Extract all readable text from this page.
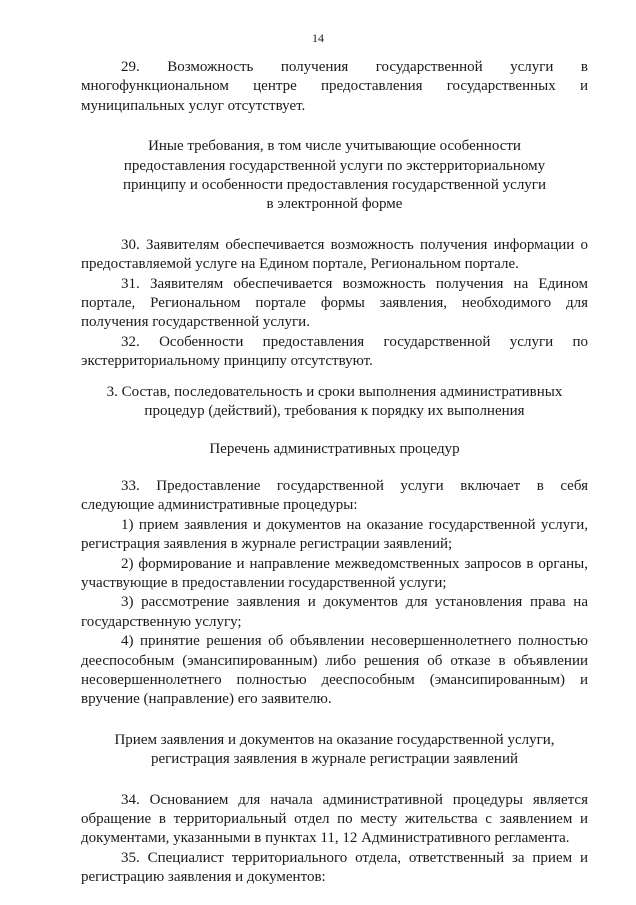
14

29. Возможность получения государственной услуги в многофункциональном центре предоставления государственных и муниципальных услуг отсутствует.

Иные требования, в том числе учитывающие особенности
предоставления государственной услуги по экстерриториальному
принципу и особенности предоставления государственной услуги
в электронной форме

30. Заявителям обеспечивается возможность получения информации о предоставляемой услуге на Едином портале, Региональном портале.

31. Заявителям обеспечивается возможность получения на Едином портале, Региональном портале формы заявления, необходимого для получения государственной услуги.

32. Особенности предоставления государственной услуги по экстерриториальному принципу отсутствуют.

3. Состав, последовательность и сроки выполнения административных
процедур (действий), требования к порядку их выполнения
Перечень административных процедур

33. Предоставление государственной услуги включает в себя следующие административные процедуры:

1) прием заявления и документов на оказание государственной услуги, регистрация заявления в журнале регистрации заявлений;

2) формирование и направление межведомственных запросов в органы, участвующие в предоставлении государственной услуги;

3) рассмотрение заявления и документов для установления права на государственную услугу;

4) принятие решения об объявлении несовершеннолетнего полностью дееспособным (эмансипированным) либо решения об отказе в объявлении несовершеннолетнего полностью дееспособным (эмансипированным) и вручение (направление) его заявителю.

Прием заявления и документов на оказание государственной услуги,
регистрация заявления в журнале регистрации заявлений

34. Основанием для начала административной процедуры является обращение в территориальный отдел по месту жительства с заявлением и документами, указанными в пунктах 11, 12 Административного регламента.

35. Специалист территориального отдела, ответственный за прием и регистрацию заявления и документов:
